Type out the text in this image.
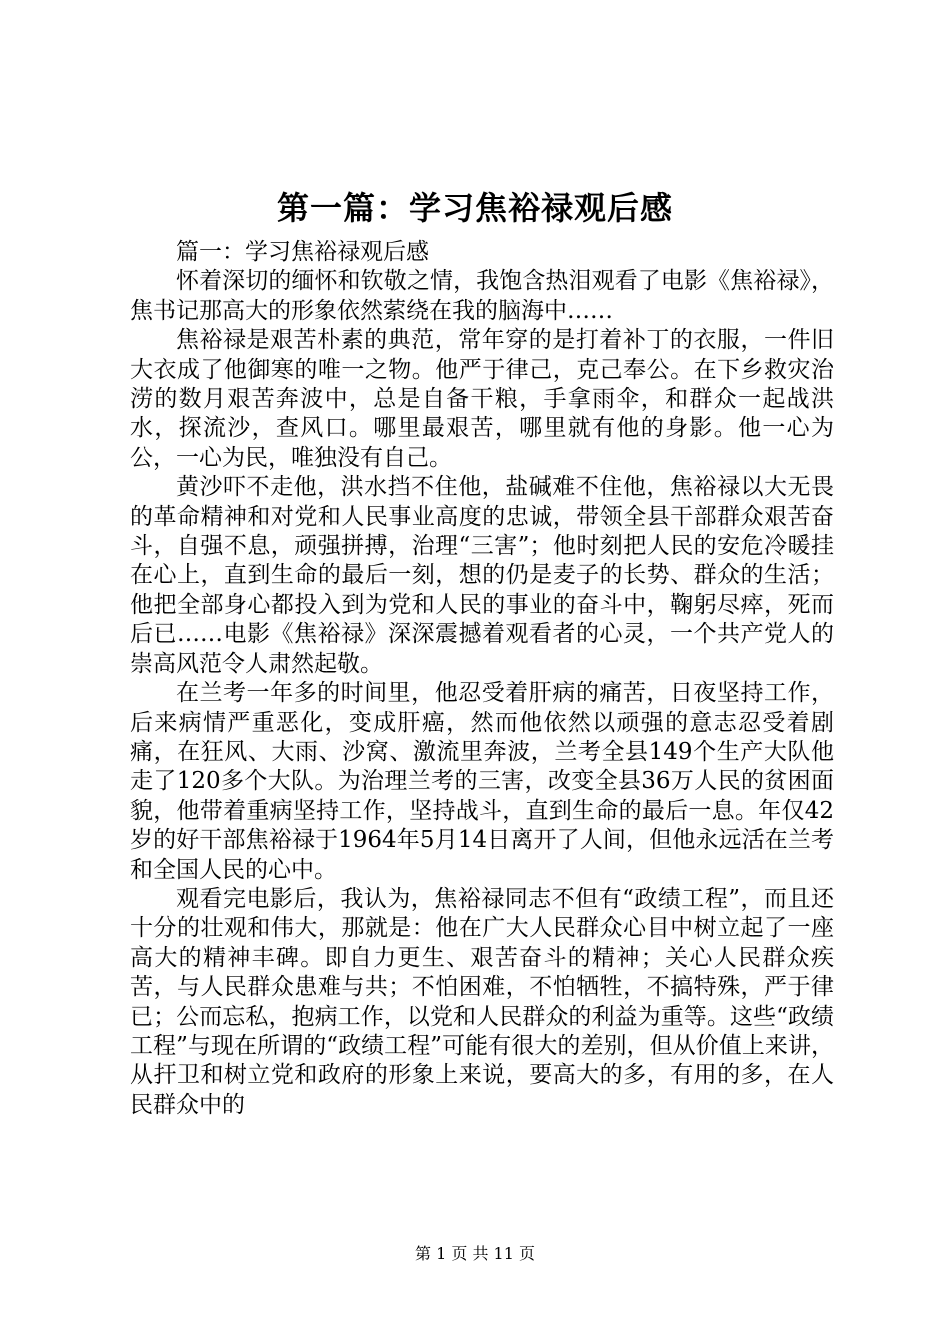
第一篇：学习焦裕禄观后感

篇一：学习焦裕禄观后感

怀着深切的缅怀和钦敬之情，我饱含热泪观看了电影《焦裕禄》，焦书记那高大的形象依然萦绕在我的脑海中……

焦裕禄是艰苦朴素的典范，常年穿的是打着补丁的衣服，一件旧大衣成了他御寒的唯一之物。他严于律己，克己奉公。在下乡救灾治涝的数月艰苦奔波中，总是自备干粮，手拿雨伞，和群众一起战洪水，探流沙，查风口。哪里最艰苦，哪里就有他的身影。他一心为公，一心为民，唯独没有自己。

黄沙吓不走他，洪水挡不住他，盐碱难不住他，焦裕禄以大无畏的革命精神和对党和人民事业高度的忠诚，带领全县干部群众艰苦奋斗，自强不息，顽强拼搏，治理“三害”；他时刻把人民的安危冷暖挂在心上，直到生命的最后一刻，想的仍是麦子的长势、群众的生活；他把全部身心都投入到为党和人民的事业的奋斗中，鞠躬尽瘁，死而后已……电影《焦裕禄》深深震撼着观看者的心灵，一个共产党人的崇高风范令人肃然起敬。

在兰考一年多的时间里，他忍受着肝病的痛苦，日夜坚持工作，后来病情严重恶化，变成肝癌，然而他依然以顽强的意志忍受着剧痛，在狂风、大雨、沙窝、激流里奔波，兰考全县149个生产大队他走了120多个大队。为治理兰考的三害，改变全县36万人民的贫困面貌，他带着重病坚持工作，坚持战斗，直到生命的最后一息。年仅42岁的好干部焦裕禄于1964年5月14日离开了人间，但他永远活在兰考和全国人民的心中。

观看完电影后，我认为，焦裕禄同志不但有“政绩工程”，而且还十分的壮观和伟大，那就是：他在广大人民群众心目中树立起了一座高大的精神丰碑。即自力更生、艰苦奋斗的精神；关心人民群众疾苦，与人民群众患难与共；不怕困难，不怕牺牲，不搞特殊，严于律已；公而忘私，抱病工作，以党和人民群众的利益为重等。这些“政绩工程”与现在所谓的“政绩工程”可能有很大的差别，但从价值上来讲，从扞卫和树立党和政府的形象上来说，要高大的多，有用的多，在人民群众中的

第 1 页 共 11 页
